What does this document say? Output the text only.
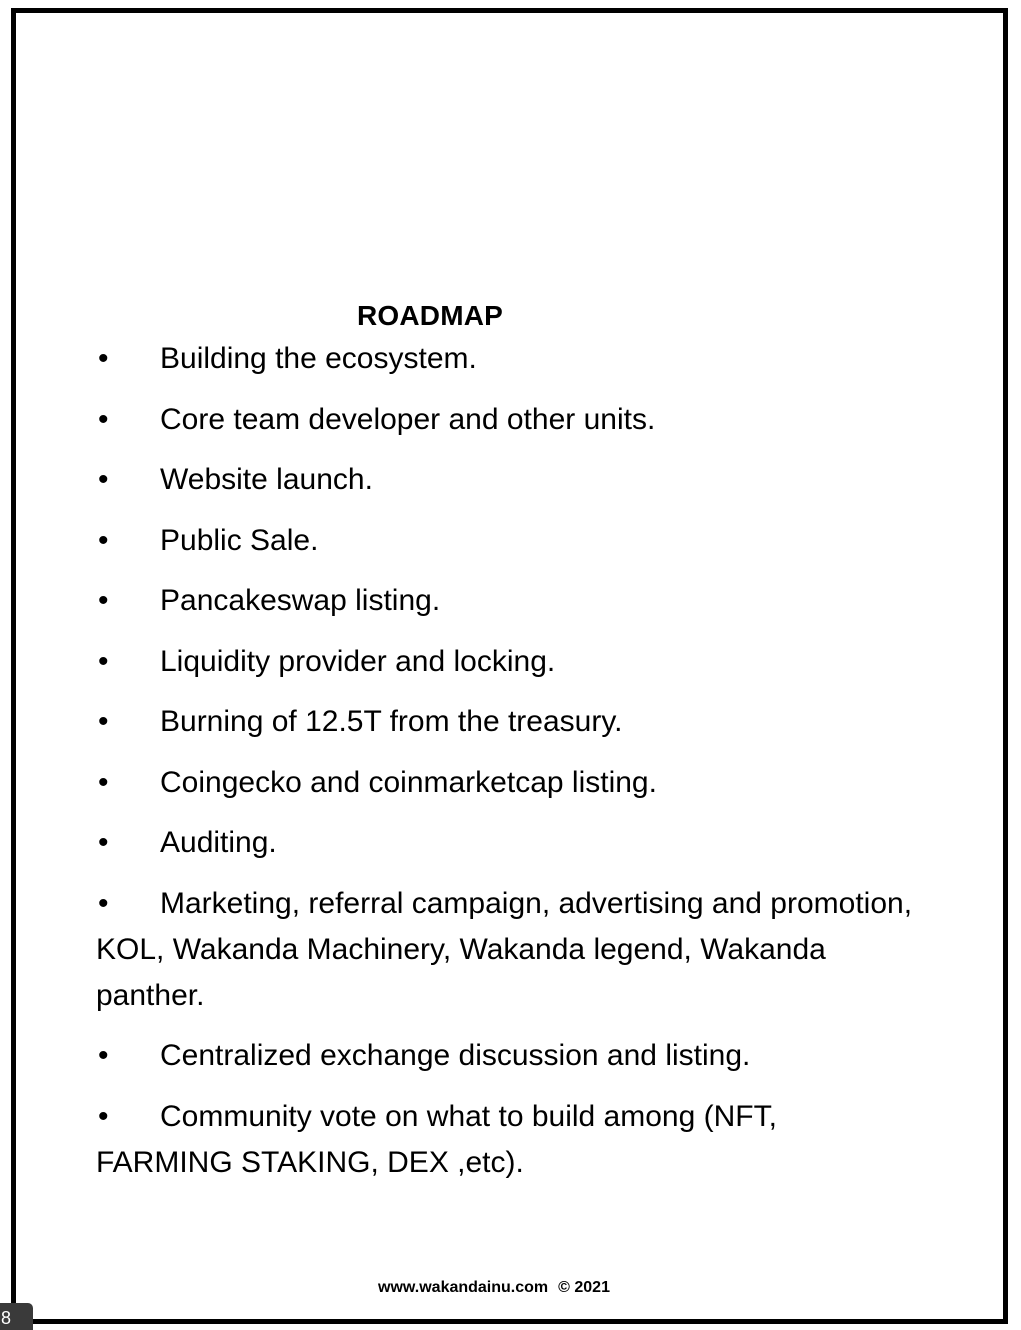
ROADMAP
• Building the ecosystem.
• Core team developer and other units.
• Website launch.
• Public Sale.
• Pancakeswap listing.
• Liquidity provider and locking.
• Burning of 12.5T from the treasury.
• Coingecko and coinmarketcap listing.
• Auditing.
• Marketing, referral campaign, advertising and promotion, KOL, Wakanda Machinery, Wakanda legend, Wakanda panther.
• Centralized exchange discussion and listing.
• Community vote on what to build among (NFT, FARMING STAKING, DEX ,etc).
www.wakandainu.com © 2021
8
